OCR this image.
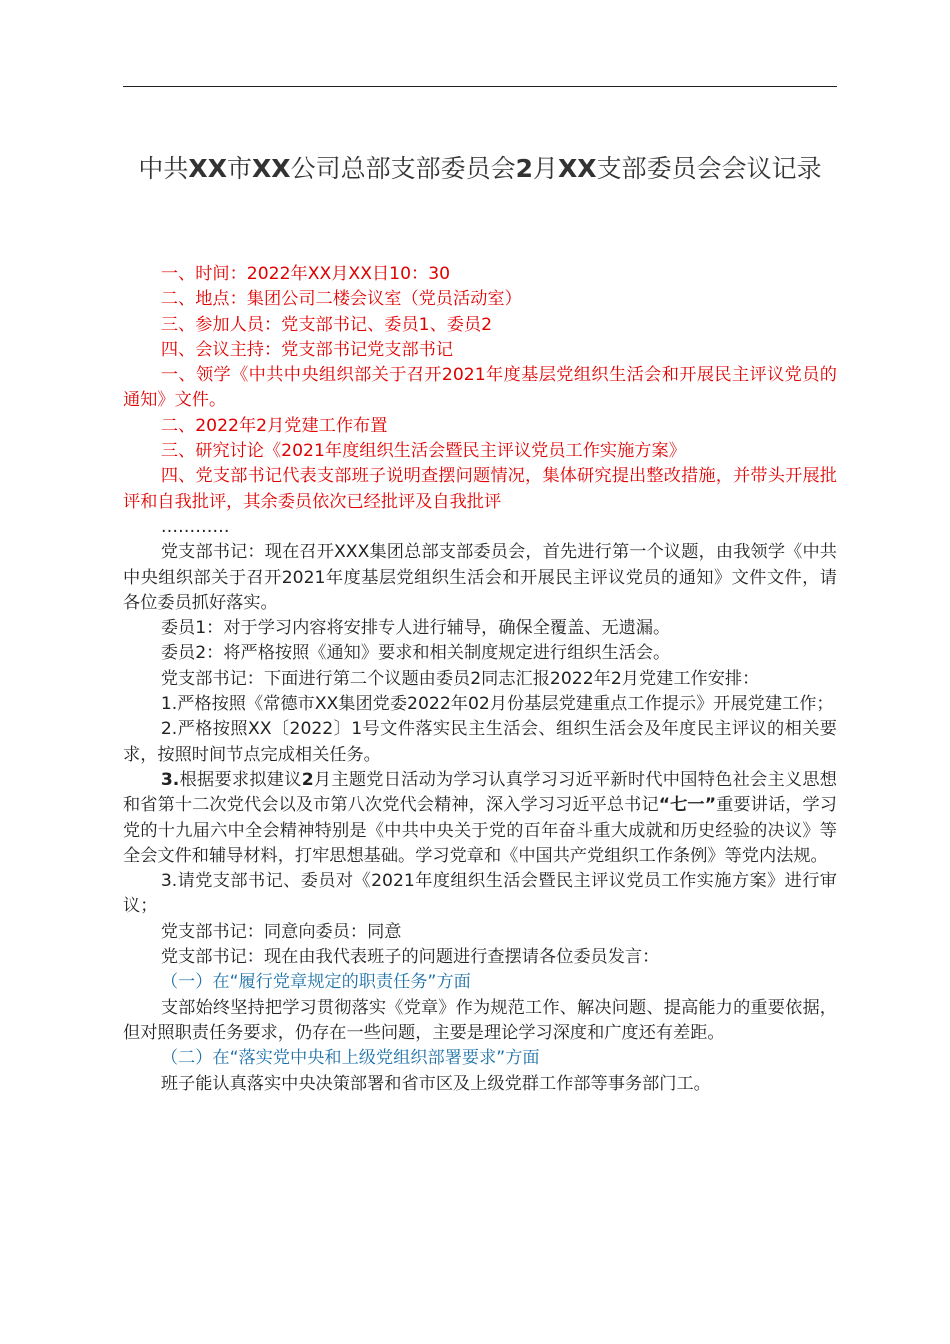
中共XX市XX公司总部支部委员会2月XX支部委员会会议记录

一、时间：2022年XX月XX日10：30

二、地点：集团公司二楼会议室（党员活动室）

三、参加人员：党支部书记、委员1、委员2

四、会议主持：党支部书记党支部书记

一、领学《中共中央组织部关于召开2021年度基层党组织生活会和开展民主评议党员的通知》文件。

二、2022年2月党建工作布置

三、研究讨论《2021年度组织生活会暨民主评议党员工作实施方案》

四、党支部书记代表支部班子说明查摆问题情况，集体研究提出整改措施，并带头开展批评和自我批评，其余委员依次已经批评及自我批评

…………

党支部书记：现在召开XXX集团总部支部委员会，首先进行第一个议题，由我领学《中共中央组织部关于召开2021年度基层党组织生活会和开展民主评议党员的通知》文件文件，请各位委员抓好落实。

委员1：对于学习内容将安排专人进行辅导，确保全覆盖、无遗漏。

委员2：将严格按照《通知》要求和相关制度规定进行组织生活会。

党支部书记：下面进行第二个议题由委员2同志汇报2022年2月党建工作安排：

1.严格按照《常德市XX集团党委2022年02月份基层党建重点工作提示》开展党建工作；

2.严格按照XX〔2022〕1号文件落实民主生活会、组织生活会及年度民主评议的相关要求，按照时间节点完成相关任务。

3.根据要求拟建议2月主题党日活动为学习认真学习习近平新时代中国特色社会主义思想和省第十二次党代会以及市第八次党代会精神，深入学习习近平总书记“七一”重要讲话，学习党的十九届六中全会精神特别是《中共中央关于党的百年奋斗重大成就和历史经验的决议》等全会文件和辅导材料，打牢思想基础。学习党章和《中国共产党组织工作条例》等党内法规。

3.请党支部书记、委员对《2021年度组织生活会暨民主评议党员工作实施方案》进行审议；

党支部书记：同意向委员：同意

党支部书记：现在由我代表班子的问题进行查摆请各位委员发言：

（一）在“履行党章规定的职责任务”方面

支部始终坚持把学习贯彻落实《党章》作为规范工作、解决问题、提高能力的重要依据，但对照职责任务要求，仍存在一些问题，主要是理论学习深度和广度还有差距。

（二）在“落实党中央和上级党组织部署要求”方面

班子能认真落实中央决策部署和省市区及上级党群工作部等事务部门工。
